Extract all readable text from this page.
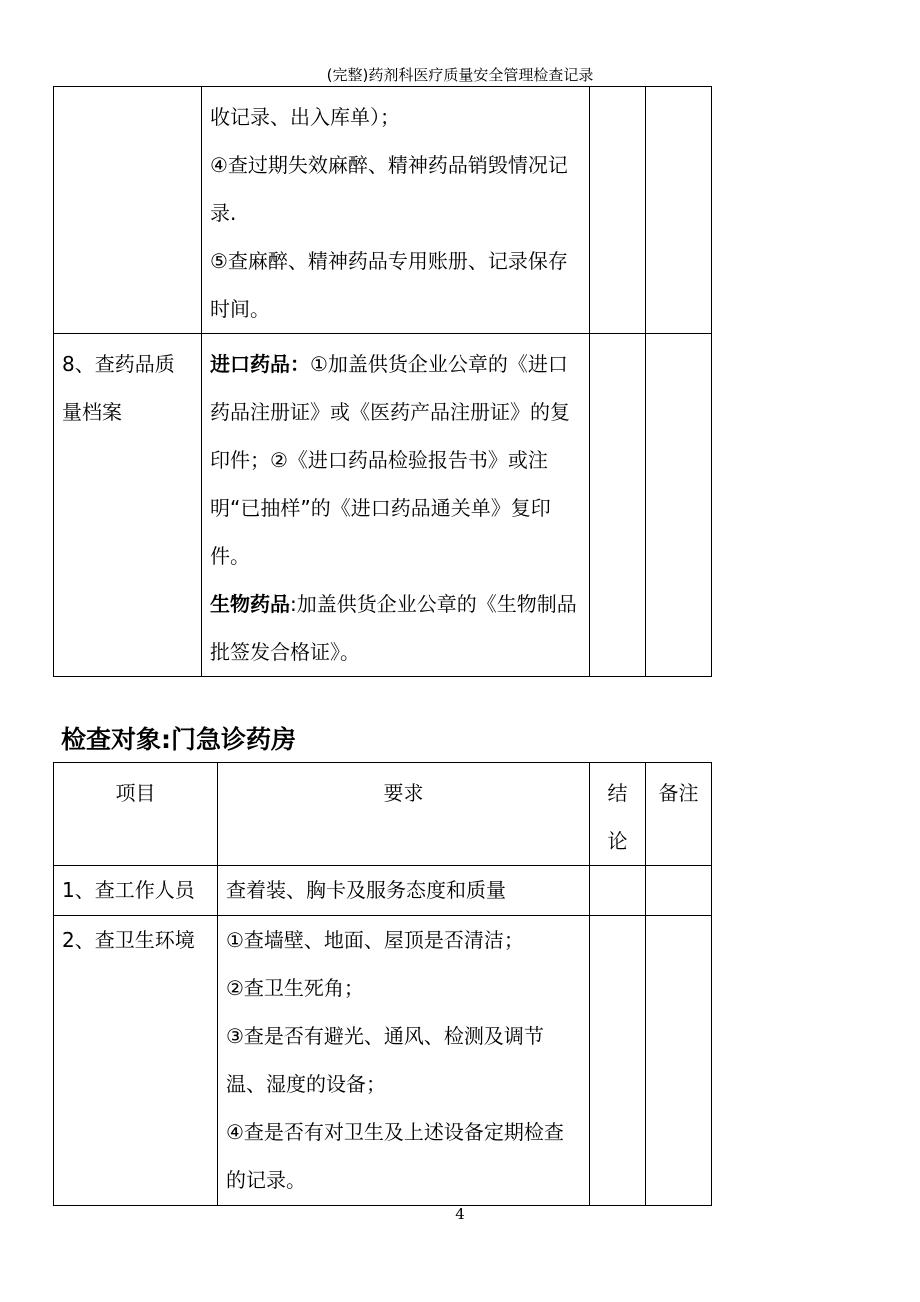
(完整)药剂科医疗质量安全管理检查记录

	收记录、出入库单）；
④查过期失效麻醉、精神药品销毁情况记录.
⑤查麻醉、精神药品专用账册、记录保存时间。		

8、查药品质量档案	进口药品：①加盖供货企业公章的《进口药品注册证》或《医药产品注册证》的复印件；②《进口药品检验报告书》或注明“已抽样”的《进口药品通关单》复印件。
生物药品:加盖供货企业公章的《生物制品批签发合格证》。		

检查对象:门急诊药房
项目	要求	结论	备注

1、查工作人员	查着装、胸卡及服务态度和质量		

2、查卫生环境	①查墙壁、地面、屋顶是否清洁；
②查卫生死角；
③查是否有避光、通风、检测及调节温、湿度的设备；
④查是否有对卫生及上述设备定期检查的记录。		

4
